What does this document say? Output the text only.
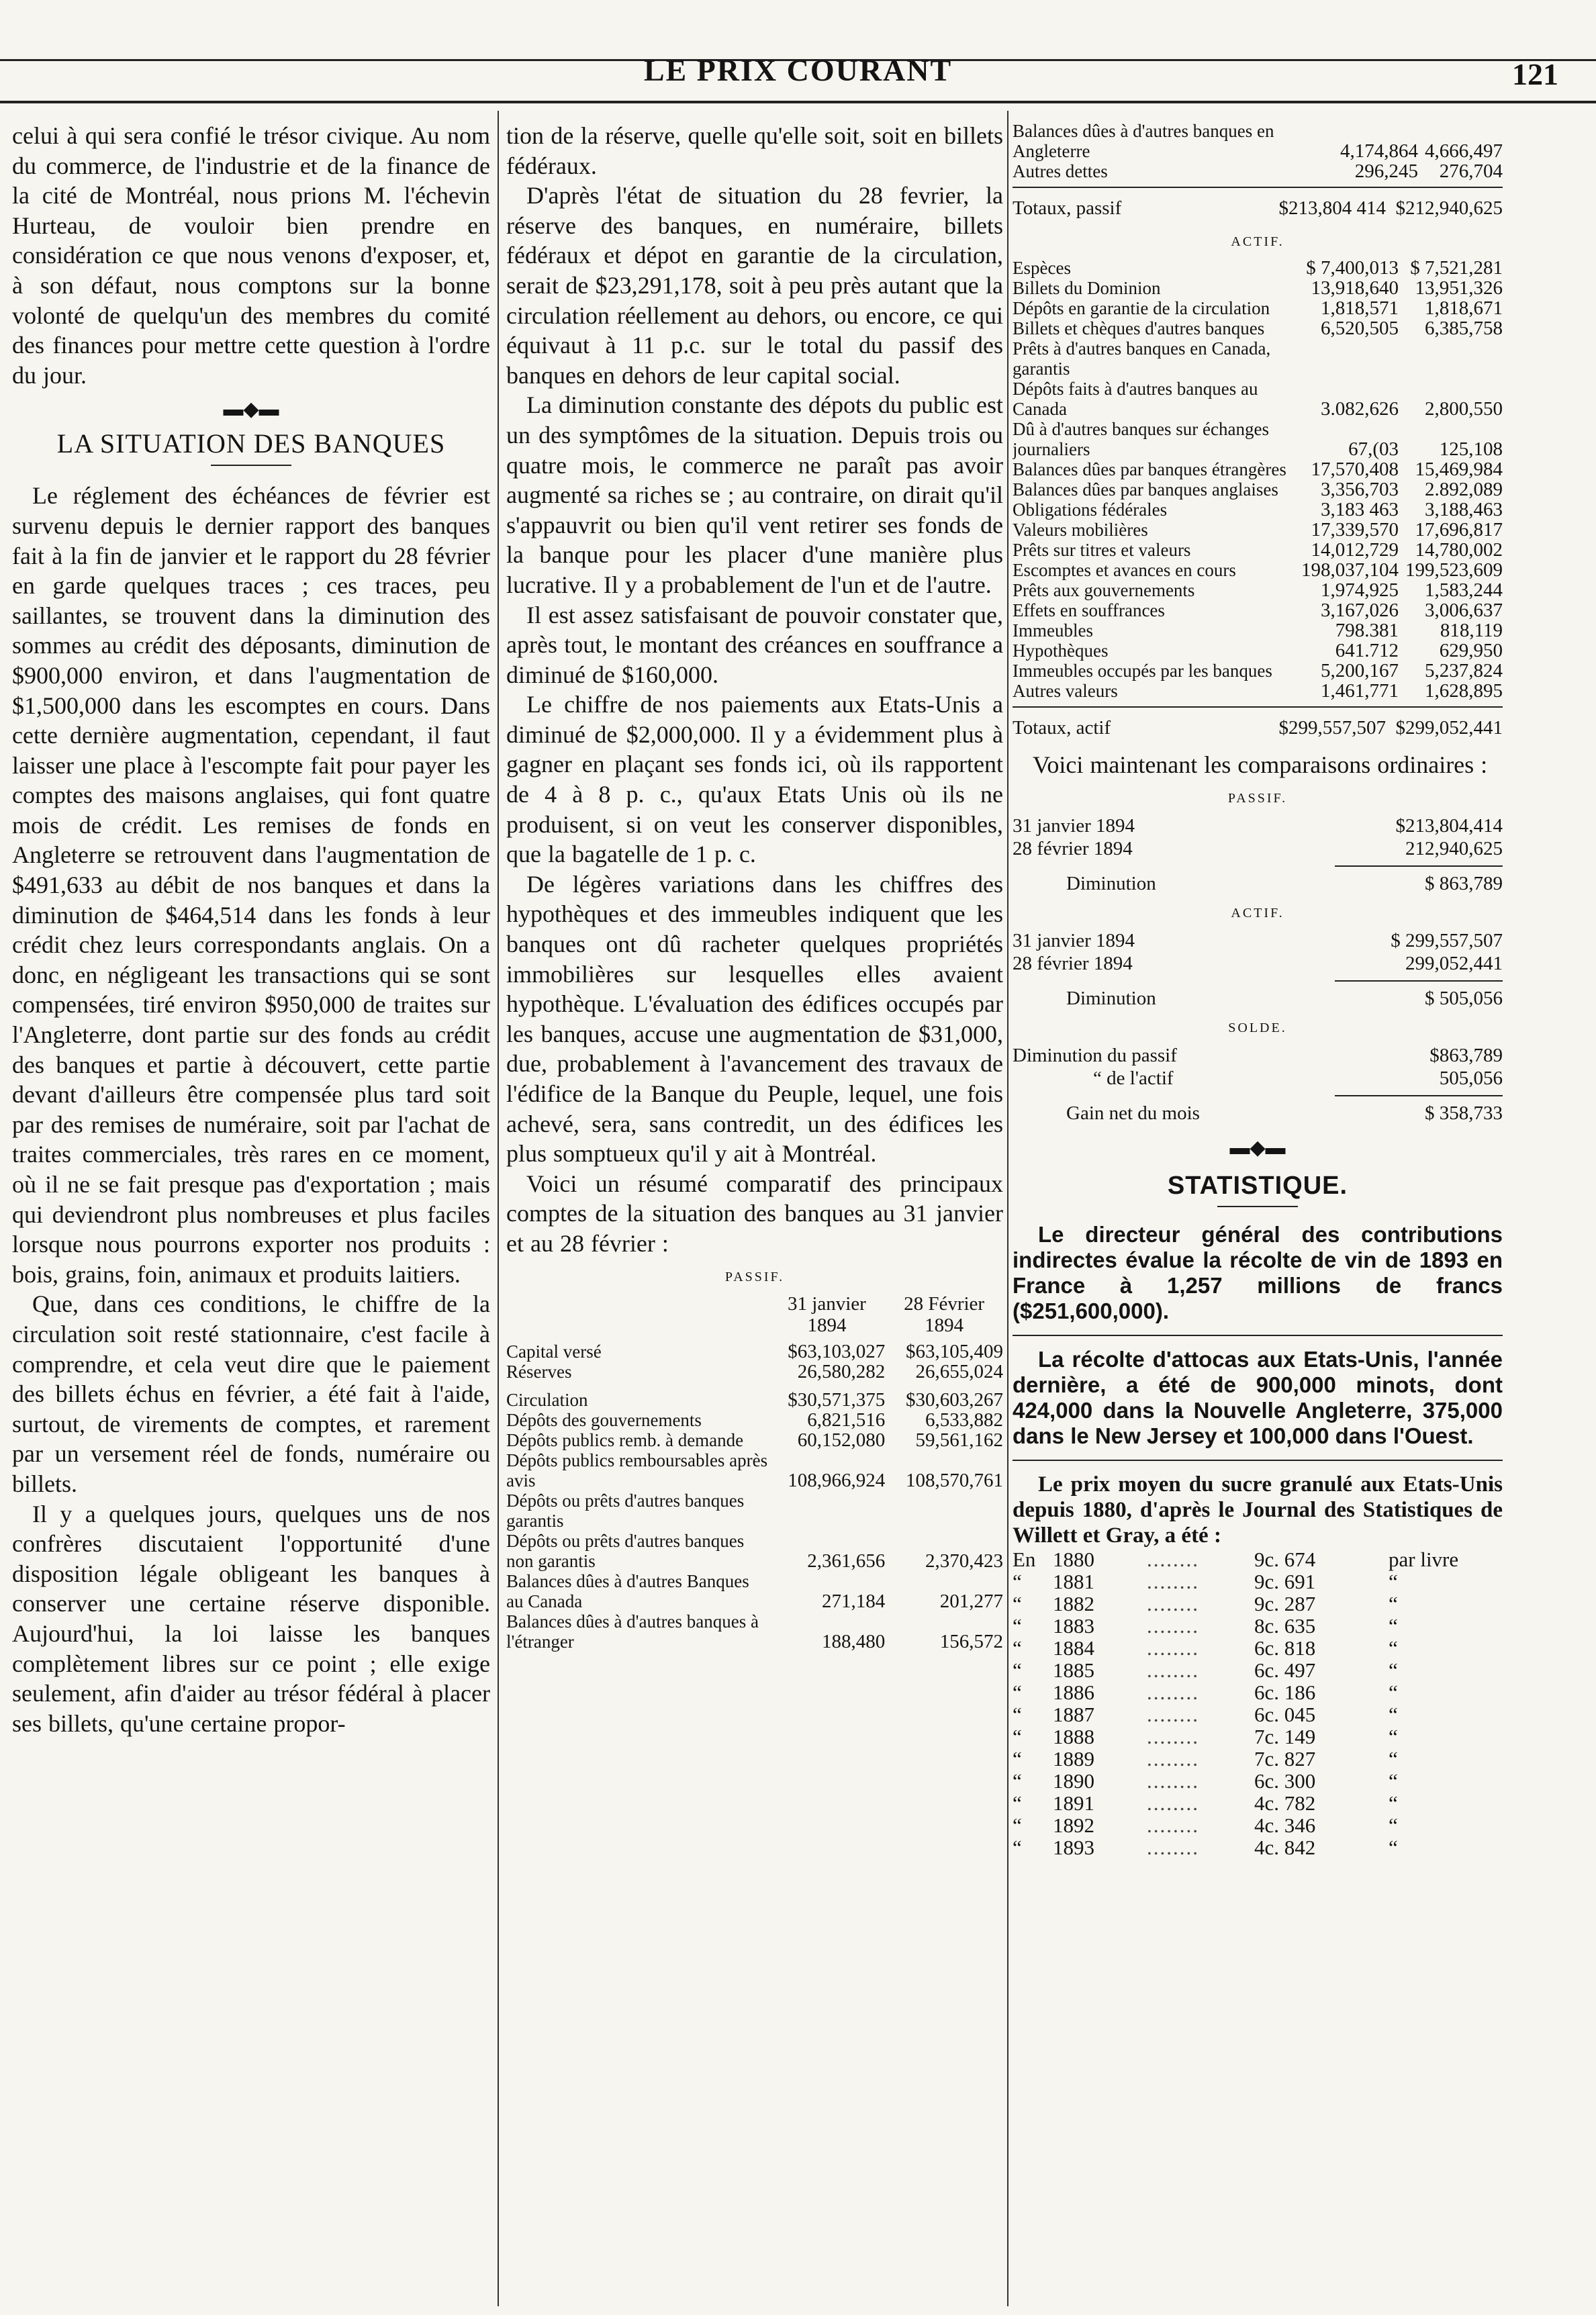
LE PRIX COURANT	121

celui à qui sera confié le trésor civique. Au nom du commerce, de l'industrie et de la finance de la cité de Montréal, nous prions M. l'échevin Hurteau, de vouloir bien prendre en considération ce que nous venons d'exposer, et, à son défaut, nous comptons sur la bonne volonté de quelqu'un des membres du comité des finances pour mettre cette question à l'ordre du jour.

▬◆▬
LA SITUATION DES BANQUES

Le réglement des échéances de février est survenu depuis le dernier rapport des banques fait à la fin de janvier et le rapport du 28 février en garde quelques traces ; ces traces, peu saillantes, se trouvent dans la diminution des sommes au crédit des déposants, diminution de $900,000 environ, et dans l'augmentation de $1,500,000 dans les escomptes en cours. Dans cette dernière augmentation, cependant, il faut laisser une place à l'escompte fait pour payer les comptes des maisons anglaises, qui font quatre mois de crédit. Les remises de fonds en Angleterre se retrouvent dans l'augmentation de $491,633 au débit de nos banques et dans la diminution de $464,514 dans les fonds à leur crédit chez leurs correspondants anglais. On a donc, en négligeant les transactions qui se sont compensées, tiré environ $950,000 de traites sur l'Angleterre, dont partie sur des fonds au crédit des banques et partie à découvert, cette partie devant d'ailleurs être compensée plus tard soit par des remises de numéraire, soit par l'achat de traites commerciales, très rares en ce moment, où il ne se fait presque pas d'exportation ; mais qui deviendront plus nombreuses et plus faciles lorsque nous pourrons exporter nos produits : bois, grains, foin, animaux et produits laitiers.

Que, dans ces conditions, le chiffre de la circulation soit resté stationnaire, c'est facile à comprendre, et cela veut dire que le paiement des billets échus en février, a été fait à l'aide, surtout, de virements de comptes, et rarement par un versement réel de fonds, numéraire ou billets.

Il y a quelques jours, quelques uns de nos confrères discutaient l'opportunité d'une disposition légale obligeant les banques à conserver une certaine réserve disponible. Aujourd'hui, la loi laisse les banques complètement libres sur ce point ; elle exige seulement, afin d'aider au trésor fédéral à placer ses billets, qu'une certaine propor-

tion de la réserve, quelle qu'elle soit, soit en billets fédéraux.

D'après l'état de situation du 28 fevrier, la réserve des banques, en numéraire, billets fédéraux et dépot en garantie de la circulation, serait de $23,291,178, soit à peu près autant que la circulation réellement au dehors, ou encore, ce qui équivaut à 11 p.c. sur le total du passif des banques en dehors de leur capital social.

La diminution constante des dépots du public est un des symptômes de la situation. Depuis trois ou quatre mois, le commerce ne paraît pas avoir augmenté sa riches se ; au contraire, on dirait qu'il s'appauvrit ou bien qu'il vent retirer ses fonds de la banque pour les placer d'une manière plus lucrative. Il y a probablement de l'un et de l'autre.

Il est assez satisfaisant de pouvoir constater que, après tout, le montant des créances en souffrance a diminué de $160,000.

Le chiffre de nos paiements aux Etats-Unis a diminué de $2,000,000. Il y a évidemment plus à gagner en plaçant ses fonds ici, où ils rapportent de 4 à 8 p. c., qu'aux Etats Unis où ils ne produisent, si on veut les conserver disponibles, que la bagatelle de 1 p. c.

De légères variations dans les chiffres des hypothèques et des immeubles indiquent que les banques ont dû racheter quelques propriétés immobilières sur lesquelles elles avaient hypothèque. L'évaluation des édifices occupés par les banques, accuse une augmentation de $31,000, due, probablement à l'avancement des travaux de l'édifice de la Banque du Peuple, lequel, une fois achevé, sera, sans contredit, un des édifices les plus somptueux qu'il y ait à Montréal.

Voici un résumé comparatif des principaux comptes de la situation des banques au 31 janvier et au 28 février :

PASSIF.
	31 janvier 1894	28 Février 1894
Capital versé	$63,103,027	$63,105,409
Réserves	26,580,282	26,655,024
Circulation	$30,571,375	$30,603,267
Dépôts des gouvernements	6,821,516	6,533,882
Dépôts publics remb. à demande	60,152,080	59,561,162
Dépôts publics remboursables après avis	108,966,924	108,570,761
Dépôts ou prêts d'autres banques garantis		
Dépôts ou prêts d'autres banques non garantis	2,361,656	2,370,423
Balances dûes à d'autres Banques au Canada	271,184	201,277
Balances dûes à d'autres banques à l'étranger	188,480	156,572
Balances dûes à d'autres banques en Angleterre	4,174,864	4,666,497
Autres dettes	296,245	276,704
Totaux, passif	$213,804 414 $212,940,625
ACTIF.
Espèces	$ 7,400,013	$ 7,521,281
Billets du Dominion	13,918,640	13,951,326
Dépôts en garantie de la circulation	1,818,571	1,818,671
Billets et chèques d'autres banques	6,520,505	6,385,758
Prêts à d'autres banques en Canada, garantis		
Dépôts faits à d'autres banques au Canada	3.082,626	2,800,550
Dû à d'autres banques sur échanges journaliers	67,(03	125,108
Balances dûes par banques étrangères	17,570,408	15,469,984
Balances dûes par banques anglaises	3,356,703	2.892,089
Obligations fédérales	3,183 463	3,188,463
Valeurs mobilières	17,339,570	17,696,817
Prêts sur titres et valeurs	14,012,729	14,780,002
Escomptes et avances en cours	198,037,104	199,523,609
Prêts aux gouvernements	1,974,925	1,583,244
Effets en souffrances	3,167,026	3,006,637
Immeubles	798.381	818,119
Hypothèques	641.712	629,950
Immeubles occupés par les banques	5,200,167	5,237,824
Autres valeurs	1,461,771	1,628,895
Totaux, actif	$299,557,507 $299,052,441

Voici maintenant les comparaisons ordinaires :

PASSIF.
31 janvier 1894	$213,804,414
28 février 1894	212,940,625
Diminution	$ 863,789
ACTIF.
31 janvier 1894	$ 299,557,507
28 février 1894	299,052,441
Diminution	$ 505,056
SOLDE.
Diminution du passif	$863,789
“ de l'actif	505,056
Gain net du mois	$ 358,733
▬◆▬
STATISTIQUE.

Le directeur général des contributions indirectes évalue la récolte de vin de 1893 en France à 1,257 millions de francs ($251,600,000).

La récolte d'attocas aux Etats-Unis, l'année dernière, a été de 900,000 minots, dont 424,000 dans la Nouvelle Angleterre, 375,000 dans le New Jersey et 100,000 dans l'Ouest.

Le prix moyen du sucre granulé aux Etats-Unis depuis 1880, d'après le Journal des Statistiques de Willett et Gray, a été :

En 1880	........	9c. 674	par livre
“	1881	........	9c. 691	“
“	1882	........	9c. 287	“
“	1883	........	8c. 635	“
“	1884	........	6c. 818	“
“	1885	........	6c. 497	“
“	1886	........	6c. 186	“
“	1887	........	6c. 045	“
“	1888	........	7c. 149	“
“	1889	........	7c. 827	“
“	1890	........	6c. 300	“
“	1891	........	4c. 782	“
“	1892	........	4c. 346	“
“	1893	........	4c. 842	“
